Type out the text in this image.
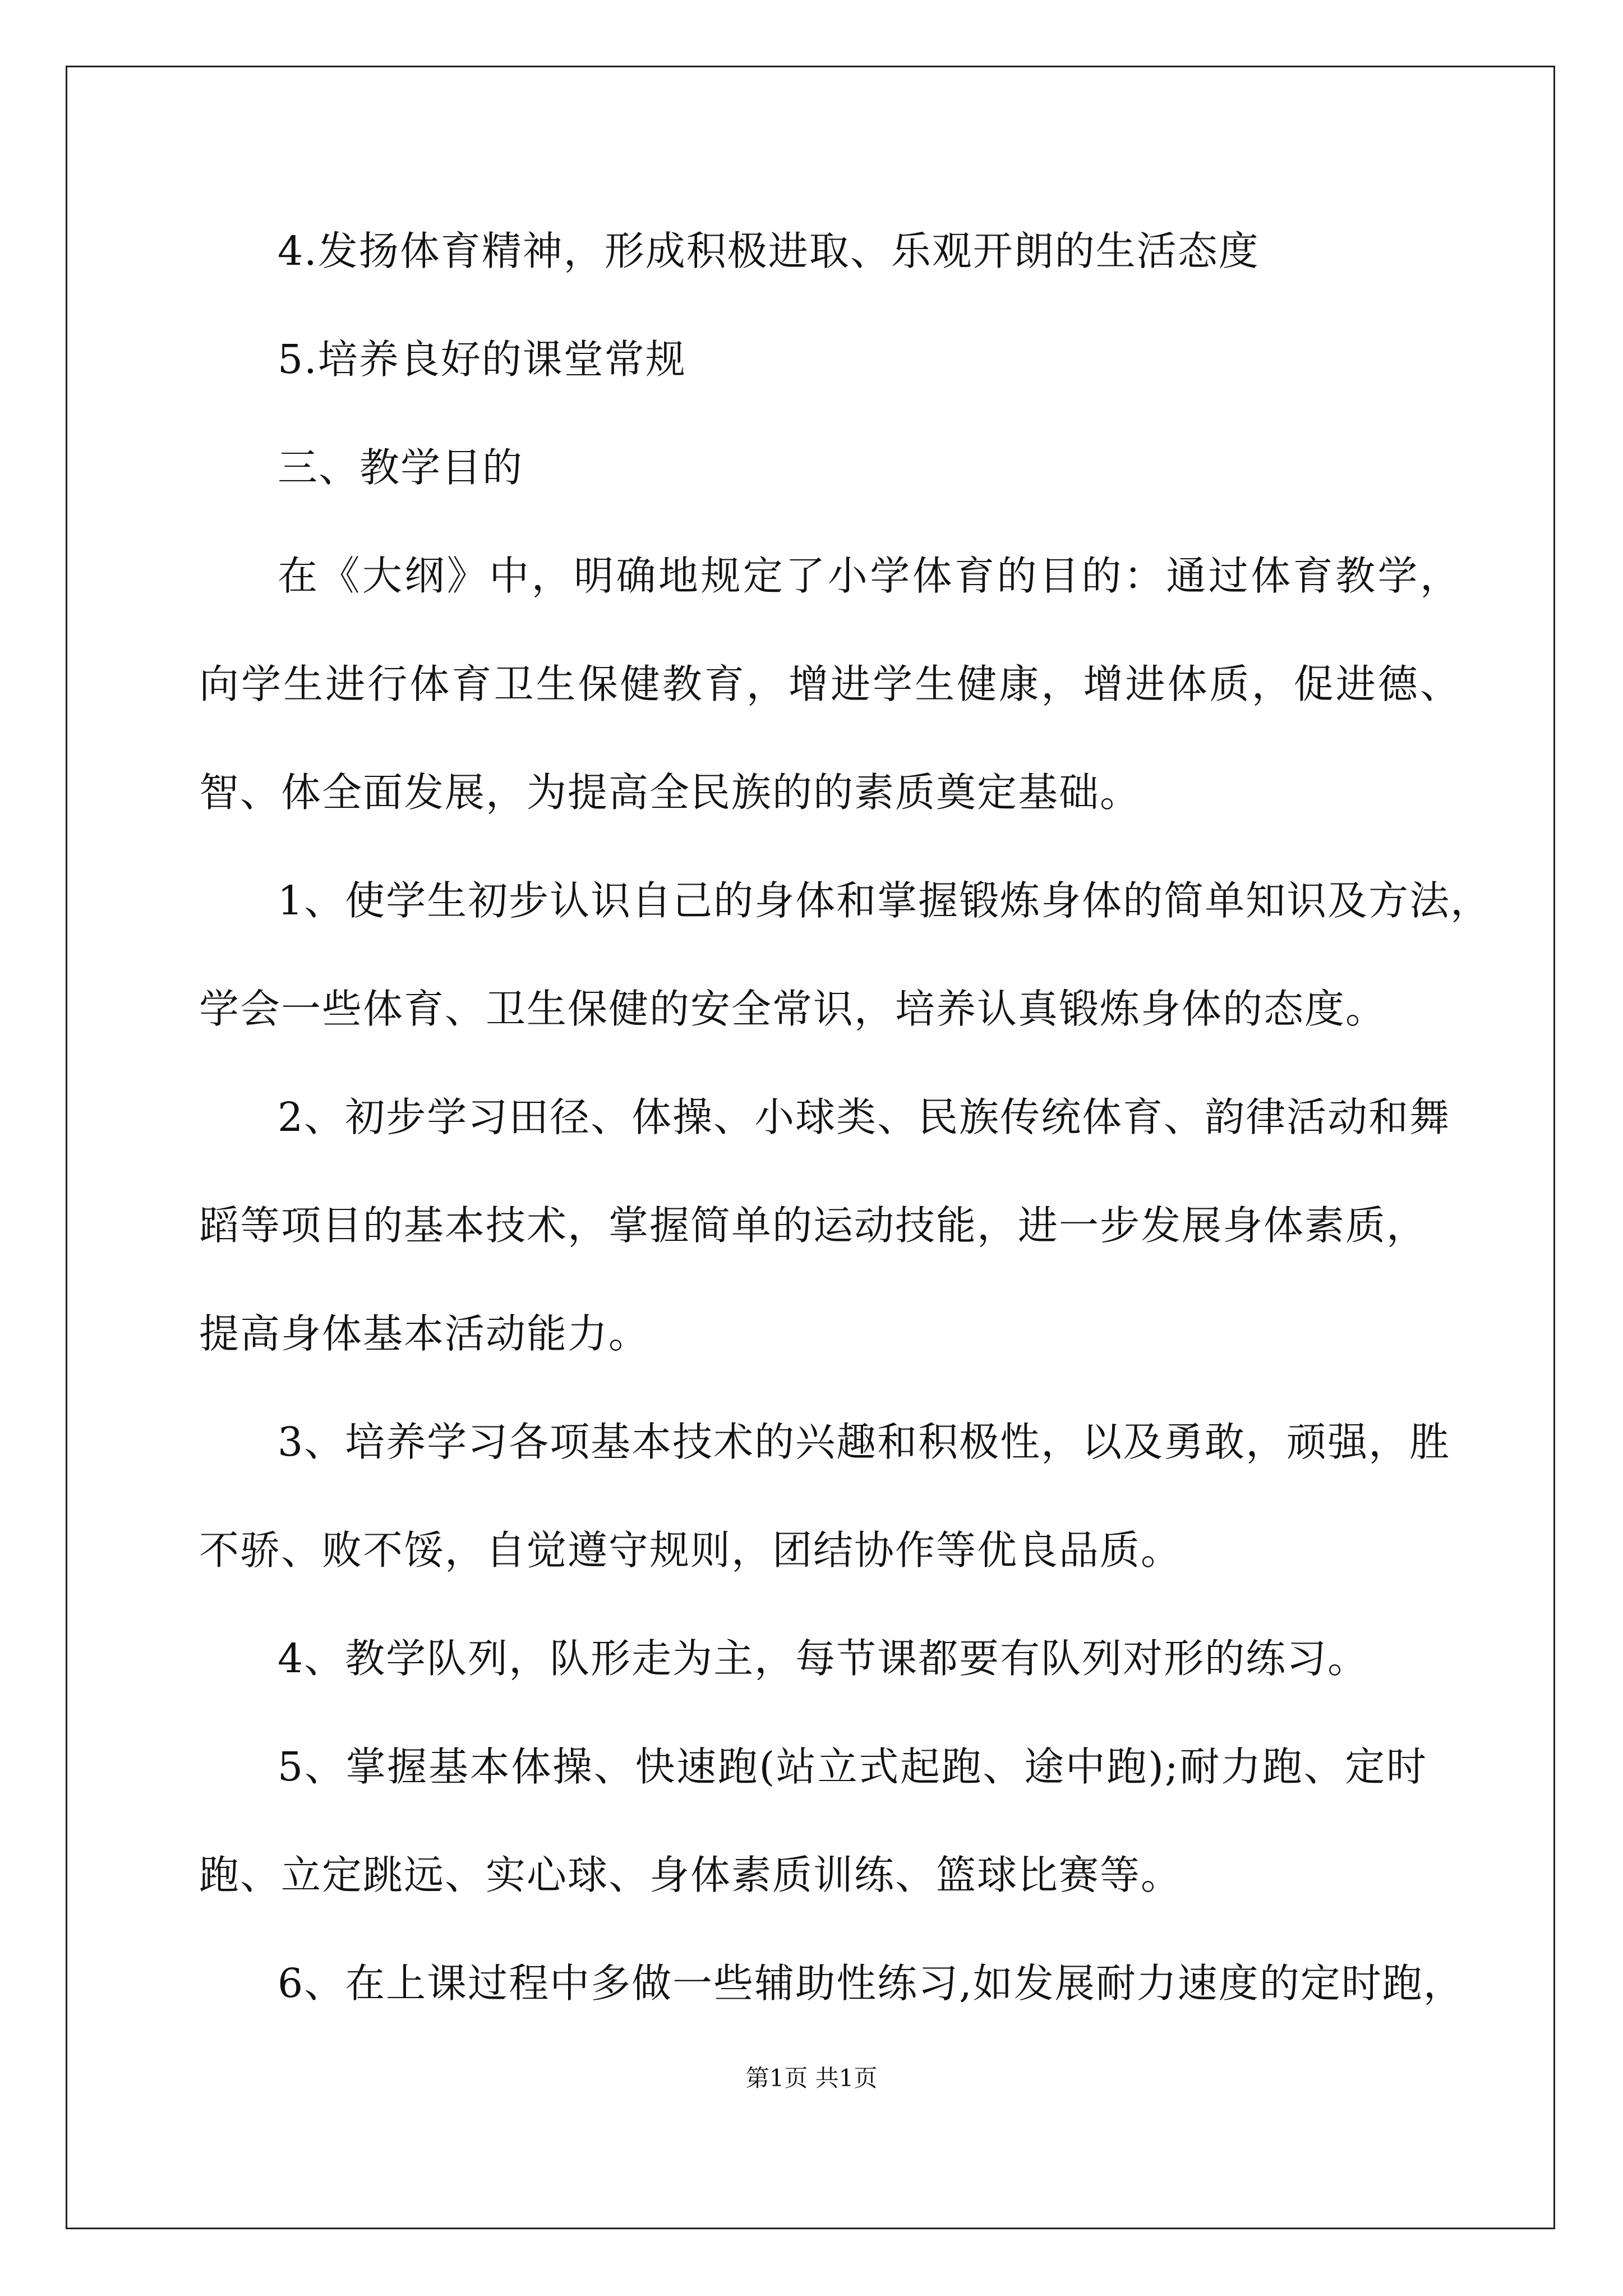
4.发扬体育精神，形成积极进取、乐观开朗的生活态度
5.培养良好的课堂常规
三、教学目的
在《大纲》中，明确地规定了小学体育的目的：通过体育教学，
向学生进行体育卫生保健教育，增进学生健康，增进体质，促进德、
智、体全面发展，为提高全民族的的素质奠定基础。
1、使学生初步认识自己的身体和掌握锻炼身体的简单知识及方法，
学会一些体育、卫生保健的安全常识，培养认真锻炼身体的态度。
2、初步学习田径、体操、小球类、民族传统体育、韵律活动和舞
蹈等项目的基本技术，掌握简单的运动技能，进一步发展身体素质，
提高身体基本活动能力。
3、培养学习各项基本技术的兴趣和积极性，以及勇敢，顽强，胜
不骄、败不馁，自觉遵守规则，团结协作等优良品质。
4、教学队列，队形走为主，每节课都要有队列对形的练习。
5、掌握基本体操、快速跑(站立式起跑、途中跑);耐力跑、定时
跑、立定跳远、实心球、身体素质训练、篮球比赛等。
6、在上课过程中多做一些辅助性练习,如发展耐力速度的定时跑，
第1页 共1页
